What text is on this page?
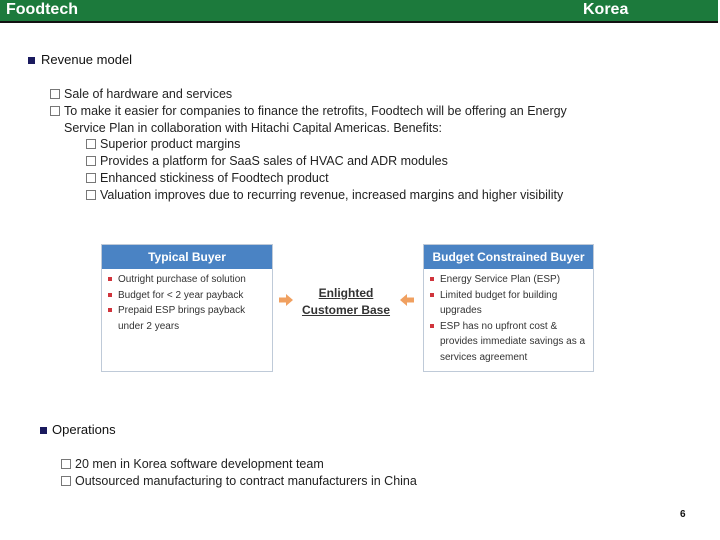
Foodtech	Korea
Revenue model
Sale of hardware and services
To make it easier for companies to finance the retrofits, Foodtech will be offering an Energy
Service Plan in collaboration with Hitachi Capital Americas. Benefits:
Superior product margins
Provides a platform for SaaS sales of HVAC and ADR modules
Enhanced stickiness of Foodtech product
Valuation improves due to recurring revenue, increased margins and higher visibility
Typical Buyer
Outright purchase of solution
Budget for < 2 year payback
Prepaid ESP brings payback under 2 years
Enlighted
Customer Base
Budget Constrained Buyer
Energy Service Plan (ESP)
Limited budget for building upgrades
ESP has no upfront cost & provides immediate savings as a services agreement
Operations
20 men in Korea software development team
Outsourced manufacturing to contract manufacturers in China
6
